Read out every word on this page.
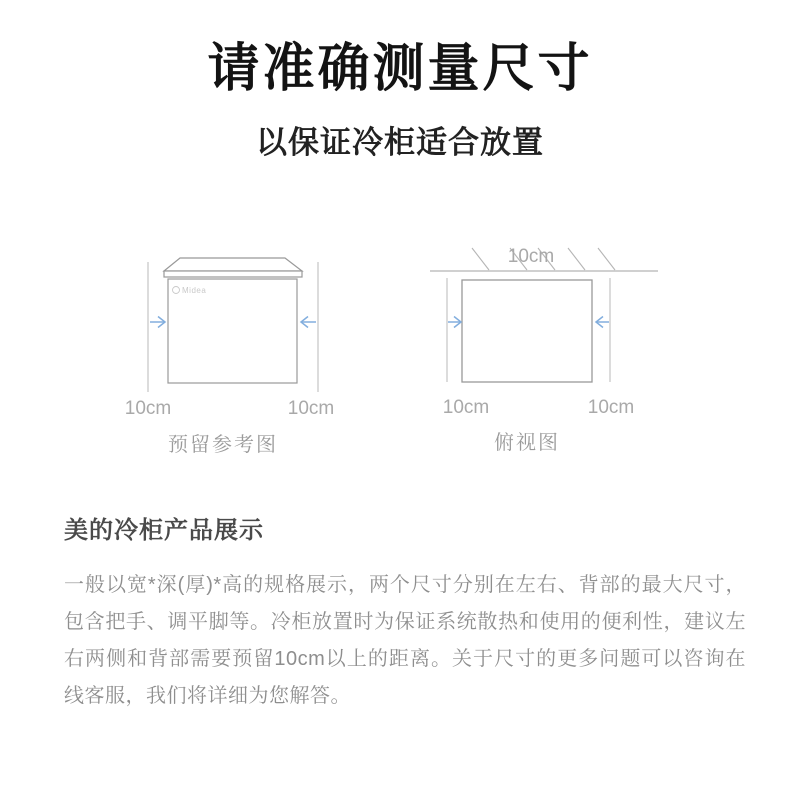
请准确测量尺寸
以保证冷柜适合放置
Midea
10cm	10cm
预留参考图
10cm
10cm	10cm
俯视图
美的冷柜产品展示
一般以宽*深(厚)*高的规格展示，两个尺寸分别在左右、背部的最大尺寸，包含把手、调平脚等。冷柜放置时为保证系统散热和使用的便利性，建议左右两侧和背部需要预留10cm以上的距离。关于尺寸的更多问题可以咨询在线客服，我们将详细为您解答。
